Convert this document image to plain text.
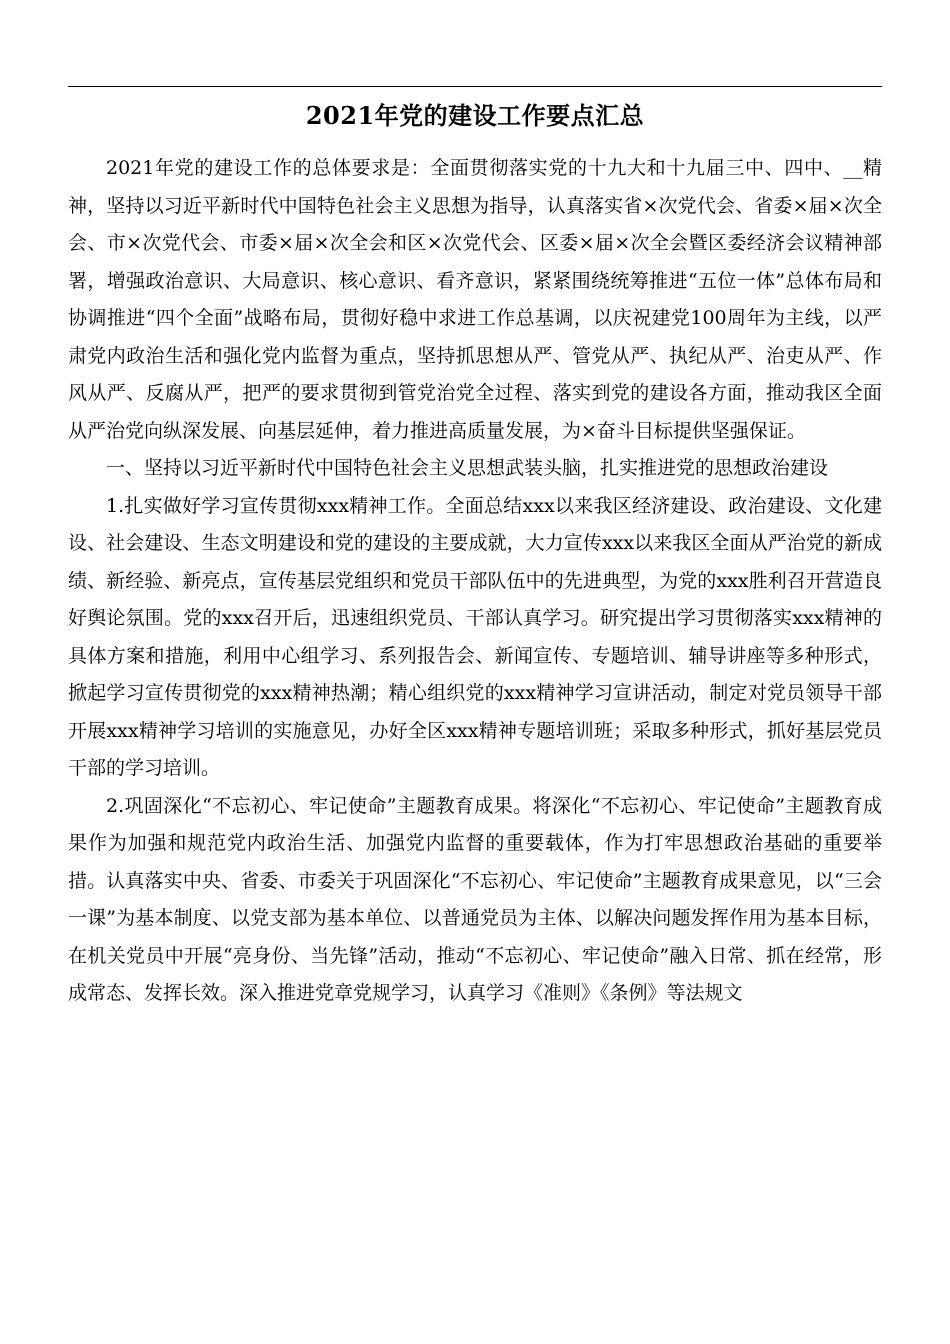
2021年党的建设工作要点汇总

2021年党的建设工作的总体要求是：全面贯彻落实党的十九大和十九届三中、四中、__精神，坚持以习近平新时代中国特色社会主义思想为指导，认真落实省×次党代会、省委×届×次全会、市×次党代会、市委×届×次全会和区×次党代会、区委×届×次全会暨区委经济会议精神部署，增强政治意识、大局意识、核心意识、看齐意识，紧紧围绕统筹推进“五位一体”总体布局和协调推进“四个全面”战略布局，贯彻好稳中求进工作总基调，以庆祝建党100周年为主线，以严肃党内政治生活和强化党内监督为重点，坚持抓思想从严、管党从严、执纪从严、治吏从严、作风从严、反腐从严，把严的要求贯彻到管党治党全过程、落实到党的建设各方面，推动我区全面从严治党向纵深发展、向基层延伸，着力推进高质量发展，为×奋斗目标提供坚强保证。

一、坚持以习近平新时代中国特色社会主义思想武装头脑，扎实推进党的思想政治建设

1.扎实做好学习宣传贯彻xxx精神工作。全面总结xxx以来我区经济建设、政治建设、文化建设、社会建设、生态文明建设和党的建设的主要成就，大力宣传xxx以来我区全面从严治党的新成绩、新经验、新亮点，宣传基层党组织和党员干部队伍中的先进典型，为党的xxx胜利召开营造良好舆论氛围。党的xxx召开后，迅速组织党员、干部认真学习。研究提出学习贯彻落实xxx精神的具体方案和措施，利用中心组学习、系列报告会、新闻宣传、专题培训、辅导讲座等多种形式，掀起学习宣传贯彻党的xxx精神热潮；精心组织党的xxx精神学习宣讲活动，制定对党员领导干部开展xxx精神学习培训的实施意见，办好全区xxx精神专题培训班；采取多种形式，抓好基层党员干部的学习培训。

2.巩固深化“不忘初心、牢记使命”主题教育成果。将深化“不忘初心、牢记使命”主题教育成果作为加强和规范党内政治生活、加强党内监督的重要载体，作为打牢思想政治基础的重要举措。认真落实中央、省委、市委关于巩固深化“不忘初心、牢记使命”主题教育成果意见，以“三会一课”为基本制度、以党支部为基本单位、以普通党员为主体、以解决问题发挥作用为基本目标，在机关党员中开展“亮身份、当先锋”活动，推动“不忘初心、牢记使命”融入日常、抓在经常，形成常态、发挥长效。深入推进党章党规学习，认真学习《准则》《条例》等法规文
